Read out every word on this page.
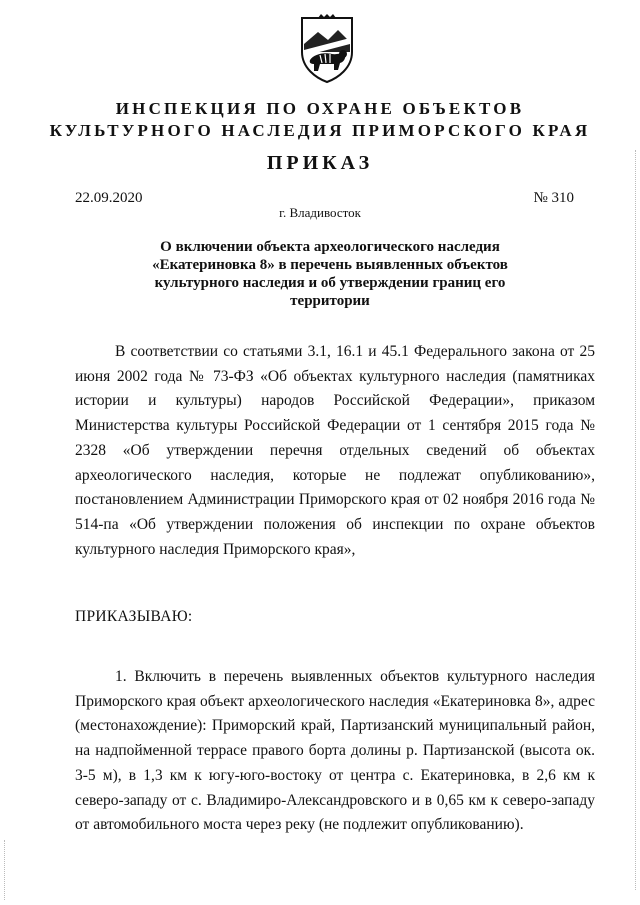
ИНСПЕКЦИЯ ПО ОХРАНЕ ОБЪЕКТОВ
КУЛЬТУРНОГО НАСЛЕДИЯ ПРИМОРСКОГО КРАЯ
ПРИКАЗ
22.09.2020	№ 310
г. Владивосток
О включении объекта археологического наследия «Екатериновка 8» в перечень выявленных объектов культурного наследия и об утверждении границ его территории
В соответствии со статьями 3.1, 16.1 и 45.1 Федерального закона от 25 июня 2002 года № 73-ФЗ «Об объектах культурного наследия (памятниках истории и культуры) народов Российской Федерации», приказом Министерства культуры Российской Федерации от 1 сентября 2015 года № 2328 «Об утверждении перечня отдельных сведений об объектах археологического наследия, которые не подлежат опубликованию», постановлением Администрации Приморского края от 02 ноября 2016 года № 514-па «Об утверждении положения об инспекции по охране объектов культурного наследия Приморского края»,
ПРИКАЗЫВАЮ:
1. Включить в перечень выявленных объектов культурного наследия Приморского края объект археологического наследия «Екатериновка 8», адрес (местонахождение): Приморский край, Партизанский муниципальный район, на надпойменной террасе правого борта долины р. Партизанской (высота ок. 3-5 м), в 1,3 км к югу-юго-востоку от центра с. Екатериновка, в 2,6 км к северо-западу от с. Владимиро-Александровского и в 0,65 км к северо-западу от автомобильного моста через реку (не подлежит опубликованию).
